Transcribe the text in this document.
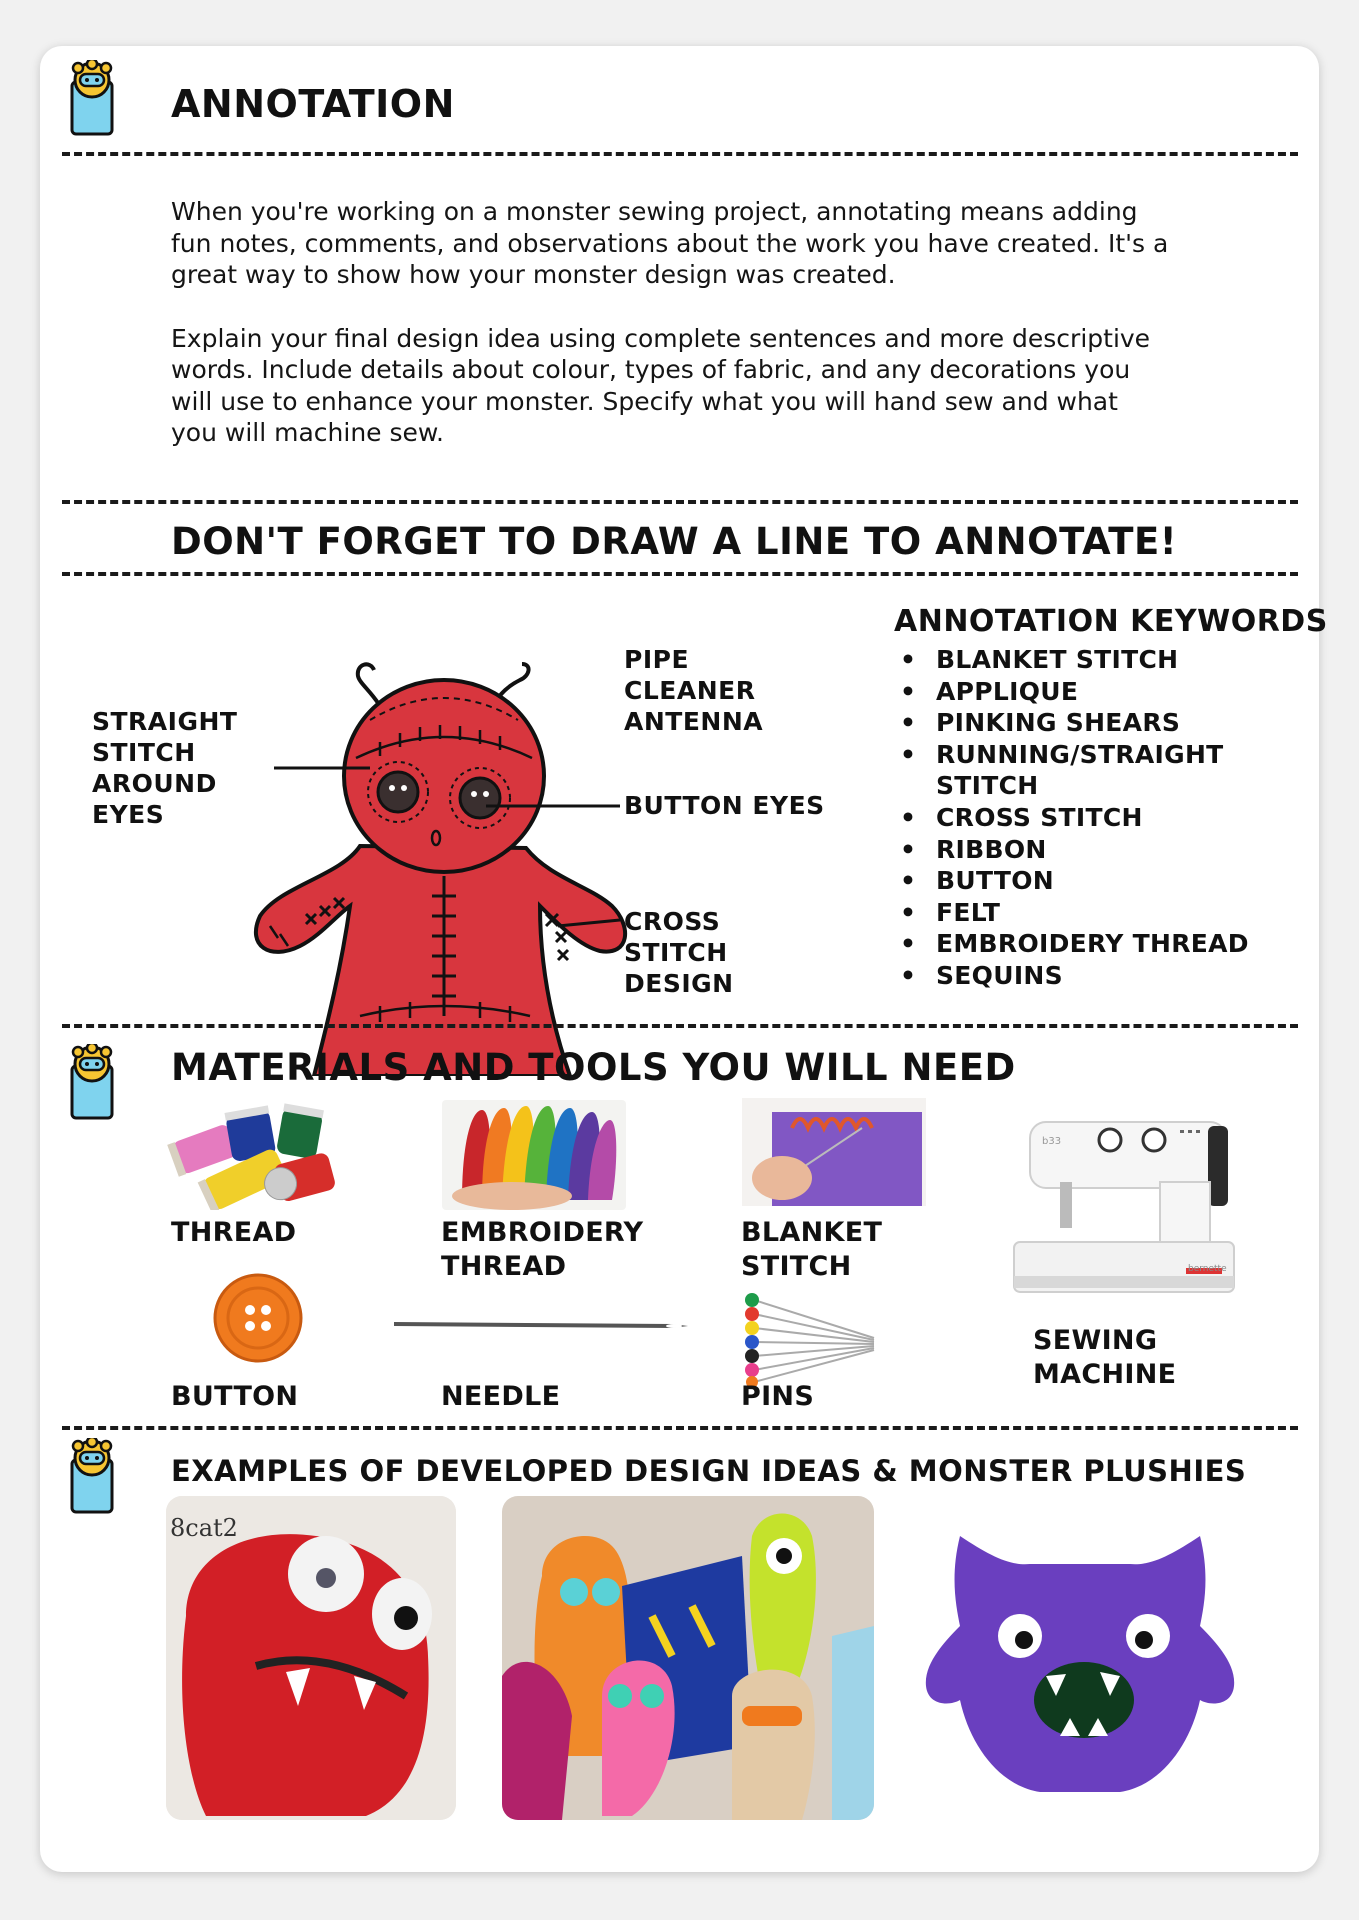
ANNOTATION

When you're working on a monster sewing project, annotating means adding fun notes, comments, and observations about the work you have created. It's a great way to show how your monster design was created.

Explain your final design idea using complete sentences and more descriptive words. Include details about colour, types of fabric, and any decorations you will use to enhance your monster. Specify what you will hand sew and what you will machine sew.

DON'T FORGET TO DRAW A LINE TO ANNOTATE!
STRAIGHT STITCH AROUND EYES
PIPE CLEANER ANTENNA
BUTTON EYES
CROSS STITCH DESIGN
ANNOTATION KEYWORDS
• BLANKET STITCH
• APPLIQUE
• PINKING SHEARS
• RUNNING/STRAIGHT STITCH
• CROSS STITCH
• RIBBON
• BUTTON
• FELT
• EMBROIDERY THREAD
• SEQUINS
MATERIALS AND TOOLS YOU WILL NEED
b33
bernette
THREAD	EMBROIDERY THREAD
BLANKET STITCH
SEWING MACHINE
BUTTON	NEEDLE	PINS
EXAMPLES OF DEVELOPED DESIGN IDEAS & MONSTER PLUSHIES
8cat2
